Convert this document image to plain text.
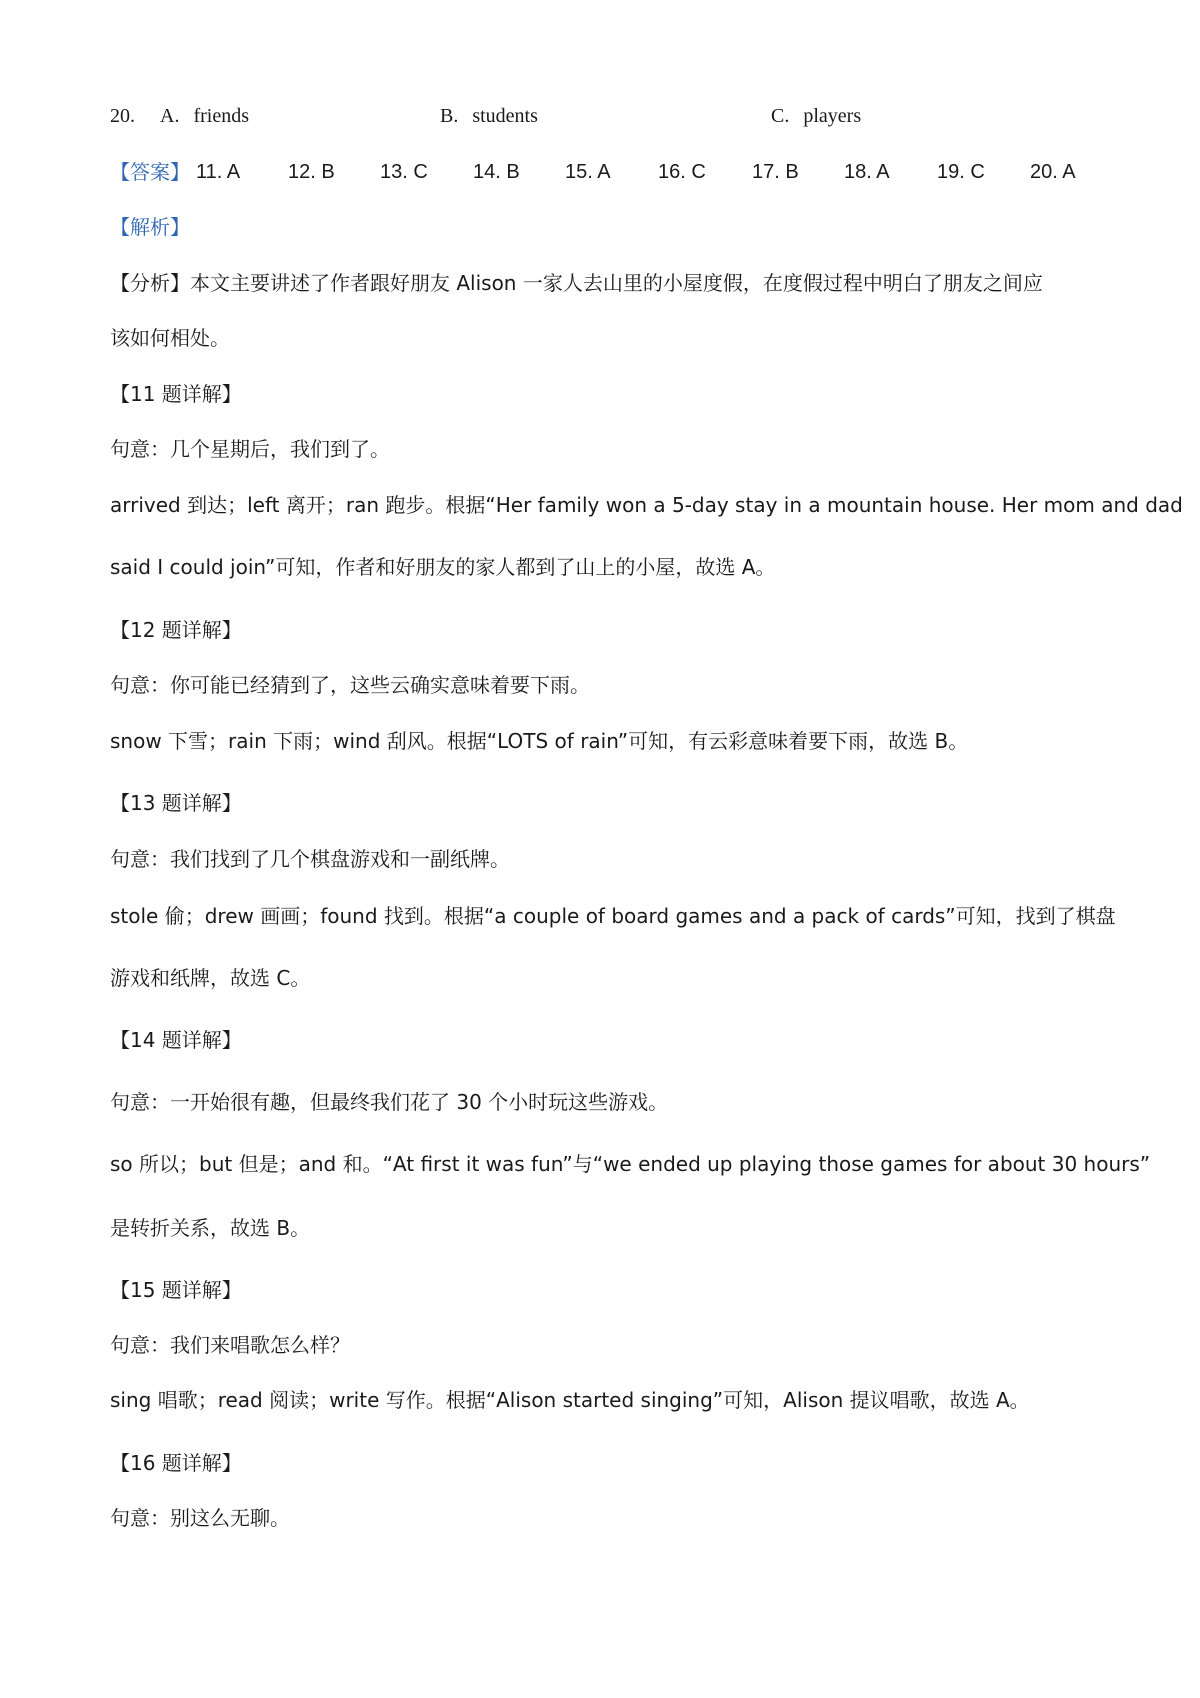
20. A. friends	B. students	C. players
【答案】 11. A 12. B 13. C 14. B 15. A 16. C 17. B 18. A 19. C 20. A
【解析】
【分析】本文主要讲述了作者跟好朋友 Alison 一家人去山里的小屋度假，在度假过程中明白了朋友之间应
该如何相处。
【11 题详解】
句意：几个星期后，我们到了。
arrived 到达；left 离开；ran 跑步。根据“Her family won a 5-day stay in a mountain house. Her mom and dad
said I could join”可知，作者和好朋友的家人都到了山上的小屋，故选 A。
【12 题详解】
句意：你可能已经猜到了，这些云确实意味着要下雨。
snow 下雪；rain 下雨；wind 刮风。根据“LOTS of rain”可知，有云彩意味着要下雨，故选 B。
【13 题详解】
句意：我们找到了几个棋盘游戏和一副纸牌。
stole 偷；drew 画画；found 找到。根据“a couple of board games and a pack of cards”可知，找到了棋盘
游戏和纸牌，故选 C。
【14 题详解】
句意：一开始很有趣，但最终我们花了 30 个小时玩这些游戏。
so 所以；but 但是；and 和。“At first it was fun”与“we ended up playing those games for about 30 hours”
是转折关系，故选 B。
【15 题详解】
句意：我们来唱歌怎么样？
sing 唱歌；read 阅读；write 写作。根据“Alison started singing”可知，Alison 提议唱歌，故选 A。
【16 题详解】
句意：别这么无聊。
